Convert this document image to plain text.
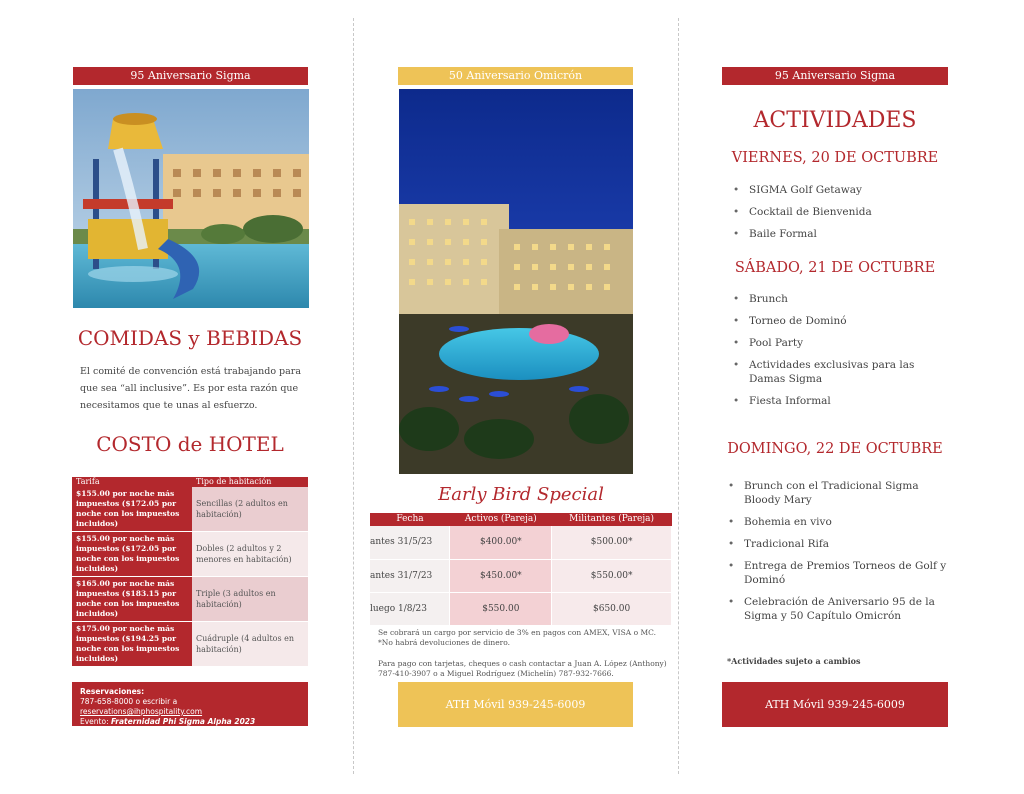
95 Aniversario Sigma
COMIDAS y BEBIDAS
El comité de convención está trabajando para que sea “all inclusive”. Es por esta razón que necesitamos que te unas al esfuerzo.
COSTO de HOTEL
Tarifa	Tipo de habitación
$155.00 por noche más impuestos ($172.05 por noche con los impuestos incluidos)	Sencillas (2 adultos en habitación)
$155.00 por noche más impuestos ($172.05 por noche con los impuestos incluidos)	Dobles (2 adultos y 2 menores en habitación)
$165.00 por noche más impuestos ($183.15 por noche con los impuestos incluidos)	Triple (3 adultos en habitación)
$175.00 por noche más impuestos ($194.25 por noche con los impuestos incluidos)	Cuádruple (4 adultos en habitación)
Reservaciones:
787-658-8000 o escribir a reservations@ihphospitality.com
Evento: Fraternidad Phi Sigma Alpha 2023
50 Aniversario Omicrón
Early Bird Special
Fecha	Activos (Pareja)	Militantes (Pareja)
antes 31/5/23	$400.00*	$500.00*
antes 31/7/23	$450.00*	$550.00*
luego 1/8/23	$550.00	$650.00
Se cobrará un cargo por servicio de 3% en pagos con AMEX, VISA o MC. *No habrá devoluciones de dinero.
Para pago con tarjetas, cheques o cash contactar a Juan A. López (Anthony) 787-410-3907 o a Miguel Rodríguez (Michelín) 787-932-7666.
ATH Móvil 939-245-6009
95 Aniversario Sigma
ACTIVIDADES
VIERNES, 20 DE OCTUBRE
• SIGMA Golf Getaway
• Cocktail de Bienvenida
• Baile Formal
SÁBADO, 21 DE OCTUBRE
• Brunch
• Torneo de Dominó
• Pool Party
• Actividades exclusivas para las Damas Sigma
• Fiesta Informal
DOMINGO, 22 DE OCTUBRE
• Brunch con el Tradicional Sigma Bloody Mary
• Bohemia en vivo
• Tradicional Rifa
• Entrega de Premios Torneos de Golf y Dominó
• Celebración de Aniversario 95 de la Sigma y 50 Capítulo Omicrón
*Actividades sujeto a cambios
ATH Móvil 939-245-6009
